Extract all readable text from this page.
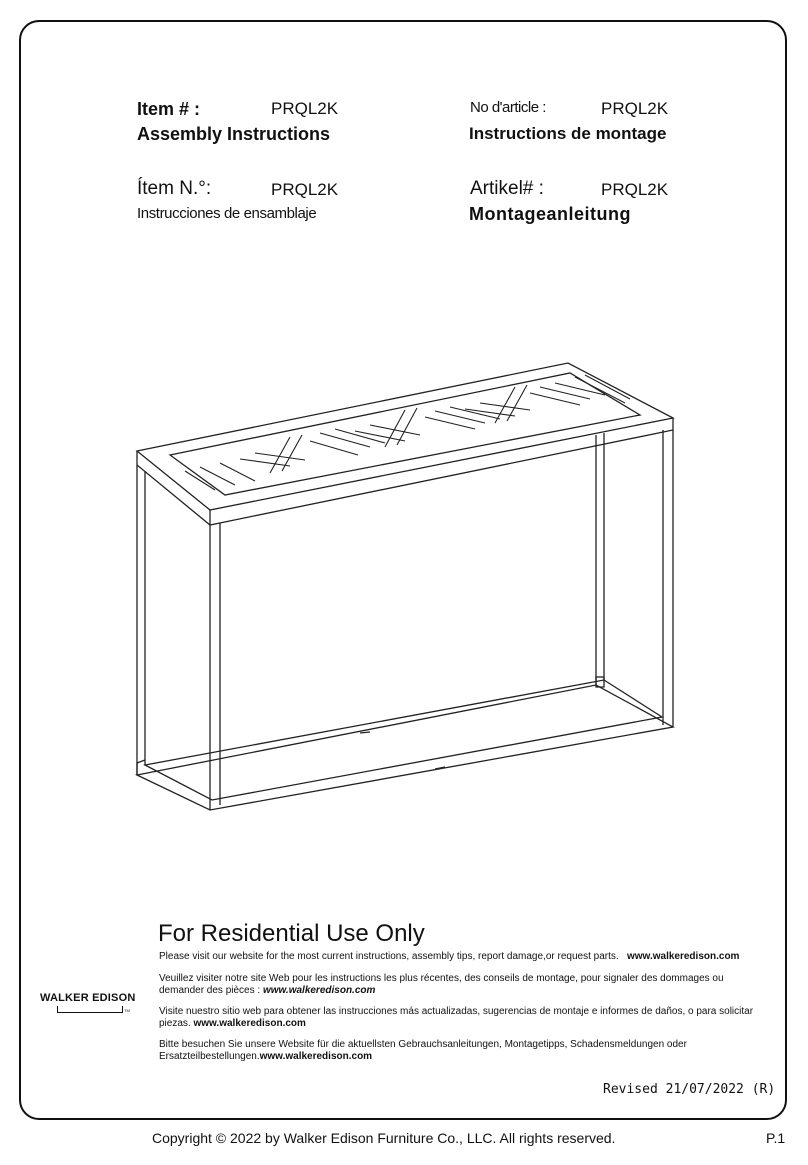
Item # :	PRQL2K
Assembly Instructions
No d'article :	PRQL2K
Instructions de montage
Ítem N.°:	PRQL2K
Instrucciones de ensamblaje
Artikel# :	PRQL2K
Montageanleitung
For Residential Use Only
Please visit our website for the most current instructions, assembly tips, report damage,or request parts. www.walkeredison.com
Veuillez visiter notre site Web pour les instructions les plus récentes, des conseils de montage, pour signaler des dommages ou demander des pièces : www.walkeredison.com
Visite nuestro sitio web para obtener las instrucciones más actualizadas, sugerencias de montaje e informes de daños, o para solicitar piezas. www.walkeredison.com
Bitte besuchen Sie unsere Website für die aktuellsten Gebrauchsanleitungen, Montagetipps, Schadensmeldungen oder Ersatzteilbestellungen.www.walkeredison.com
WALKER EDISON
TM
Revised 21/07/2022 (R)
Copyright © 2022 by Walker Edison Furniture Co., LLC. All rights reserved.	P.1
